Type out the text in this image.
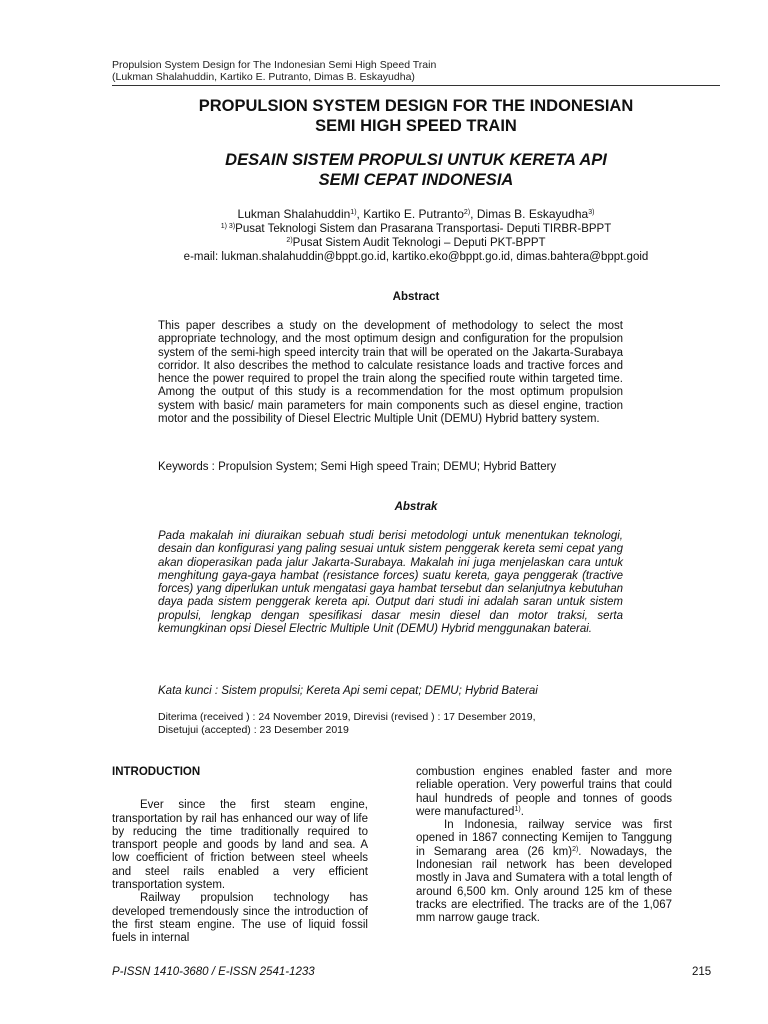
Propulsion System Design for The Indonesian Semi High Speed Train
(Lukman Shalahuddin, Kartiko E. Putranto, Dimas B. Eskayudha)
PROPULSION SYSTEM DESIGN FOR THE INDONESIAN
SEMI HIGH SPEED TRAIN
DESAIN SISTEM PROPULSI UNTUK KERETA API
SEMI CEPAT INDONESIA
Lukman Shalahuddin$^{1)}$, Kartiko E. Putranto$^{2)}$, Dimas B. Eskayudha$^{3)}$
$^{1) 3)}$Pusat Teknologi Sistem dan Prasarana Transportasi- Deputi TIRBR-BPPT
$^{2)}$Pusat Sistem Audit Teknologi – Deputi PKT-BPPT
e-mail: lukman.shalahuddin@bppt.go.id, kartiko.eko@bppt.go.id, dimas.bahtera@bppt.goid
Abstract
This paper describes a study on the development of methodology to select the most appropriate technology, and the most optimum design and configuration for the propulsion system of the semi-high speed intercity train that will be operated on the Jakarta-Surabaya corridor. It also describes the method to calculate resistance loads and tractive forces and hence the power required to propel the train along the specified route within targeted time. Among the output of this study is a recommendation for the most optimum propulsion system with basic/ main parameters for main components such as diesel engine, traction motor and the possibility of Diesel Electric Multiple Unit (DEMU) Hybrid battery system.
Keywords : Propulsion System; Semi High speed Train; DEMU; Hybrid Battery
Abstrak
Pada makalah ini diuraikan sebuah studi berisi metodologi untuk menentukan teknologi, desain dan konfigurasi yang paling sesuai untuk sistem penggerak kereta semi cepat yang akan dioperasikan pada jalur Jakarta-Surabaya. Makalah ini juga menjelaskan cara untuk menghitung gaya-gaya hambat (resistance forces) suatu kereta, gaya penggerak (tractive forces) yang diperlukan untuk mengatasi gaya hambat tersebut dan selanjutnya kebutuhan daya pada sistem penggerak kereta api. Output dari studi ini adalah saran untuk sistem propulsi, lengkap dengan spesifikasi dasar mesin diesel dan motor traksi, serta kemungkinan opsi Diesel Electric Multiple Unit (DEMU) Hybrid menggunakan baterai.
Kata kunci : Sistem propulsi; Kereta Api semi cepat; DEMU; Hybrid Baterai
Diterima (received ) : 24 November 2019, Direvisi (revised ) : 17 Desember 2019,
Disetujui (accepted) : 23 Desember 2019

INTRODUCTION

Ever since the first steam engine, transportation by rail has enhanced our way of life by reducing the time traditionally required to transport people and goods by land and sea. A low coefficient of friction between steel wheels and steel rails enabled a very efficient transportation system.

Railway propulsion technology has developed tremendously since the introduction of the first steam engine. The use of liquid fossil fuels in internal

combustion engines enabled faster and more reliable operation. Very powerful trains that could haul hundreds of people and tonnes of goods were manufactured$^{1)}$.

In Indonesia, railway service was first opened in 1867 connecting Kemijen to Tanggung in Semarang area (26 km)$^{2)}$. Nowadays, the Indonesian rail network has been developed mostly in Java and Sumatera with a total length of around 6,500 km. Only around 125 km of these tracks are electrified. The tracks are of the 1,067 mm narrow gauge track.

P-ISSN 1410-3680 / E-ISSN 2541-1233	215
